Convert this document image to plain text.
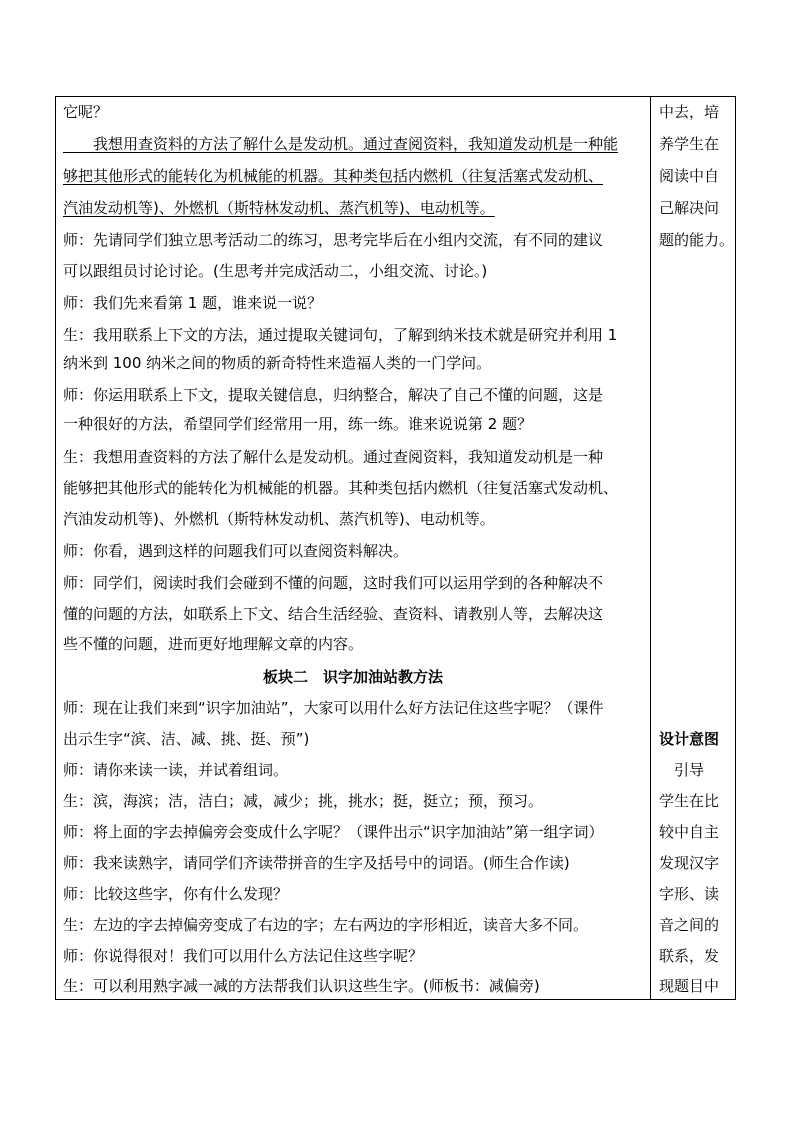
它呢？
　　我想用查资料的方法了解什么是发动机。通过查阅资料，我知道发动机是一种能
够把其他形式的能转化为机械能的机器。其种类包括内燃机（往复活塞式发动机、
汽油发动机等)、外燃机（斯特林发动机、蒸汽机等)、电动机等。
师：先请同学们独立思考活动二的练习，思考完毕后在小组内交流，有不同的建议
可以跟组员讨论讨论。(生思考并完成活动二，小组交流、讨论。)
师：我们先来看第 1 题，谁来说一说？
生：我用联系上下文的方法，通过提取关键词句，了解到纳米技术就是研究并利用 1
纳米到 100 纳米之间的物质的新奇特性来造福人类的一门学问。
师：你运用联系上下文，提取关键信息，归纳整合，解决了自己不懂的问题，这是
一种很好的方法，希望同学们经常用一用，练一练。谁来说说第 2 题？
生：我想用查资料的方法了解什么是发动机。通过查阅资料，我知道发动机是一种
能够把其他形式的能转化为机械能的机器。其种类包括内燃机（往复活塞式发动机、
汽油发动机等)、外燃机（斯特林发动机、蒸汽机等)、电动机等。
师：你看，遇到这样的问题我们可以查阅资料解决。
师：同学们，阅读时我们会碰到不懂的问题，这时我们可以运用学到的各种解决不
懂的问题的方法，如联系上下文、结合生活经验、查资料、请教别人等，去解决这
些不懂的问题，进而更好地理解文章的内容。
板块二　识字加油站教方法
师：现在让我们来到“识字加油站”，大家可以用什么好方法记住这些字呢？（课件
出示生字“滨、洁、减、挑、挺、预”)
师：请你来读一读，并试着组词。
生：滨，海滨；洁，洁白；减，减少；挑，挑水；挺，挺立；预，预习。
师：将上面的字去掉偏旁会变成什么字呢？（课件出示“识字加油站”第一组字词）
师：我来读熟字，请同学们齐读带拼音的生字及括号中的词语。(师生合作读)
师：比较这些字，你有什么发现？
生：左边的字去掉偏旁变成了右边的字；左右两边的字形相近，读音大多不同。
师：你说得很对！我们可以用什么方法记住这些字呢？
生：可以利用熟字减一减的方法帮我们认识这些生字。(师板书：减偏旁)
中去，培
养学生在
阅读中自
己解决问
题的能力。
设计意图
　引导
学生在比
较中自主
发现汉字
字形、读
音之间的
联系，发
现题目中
